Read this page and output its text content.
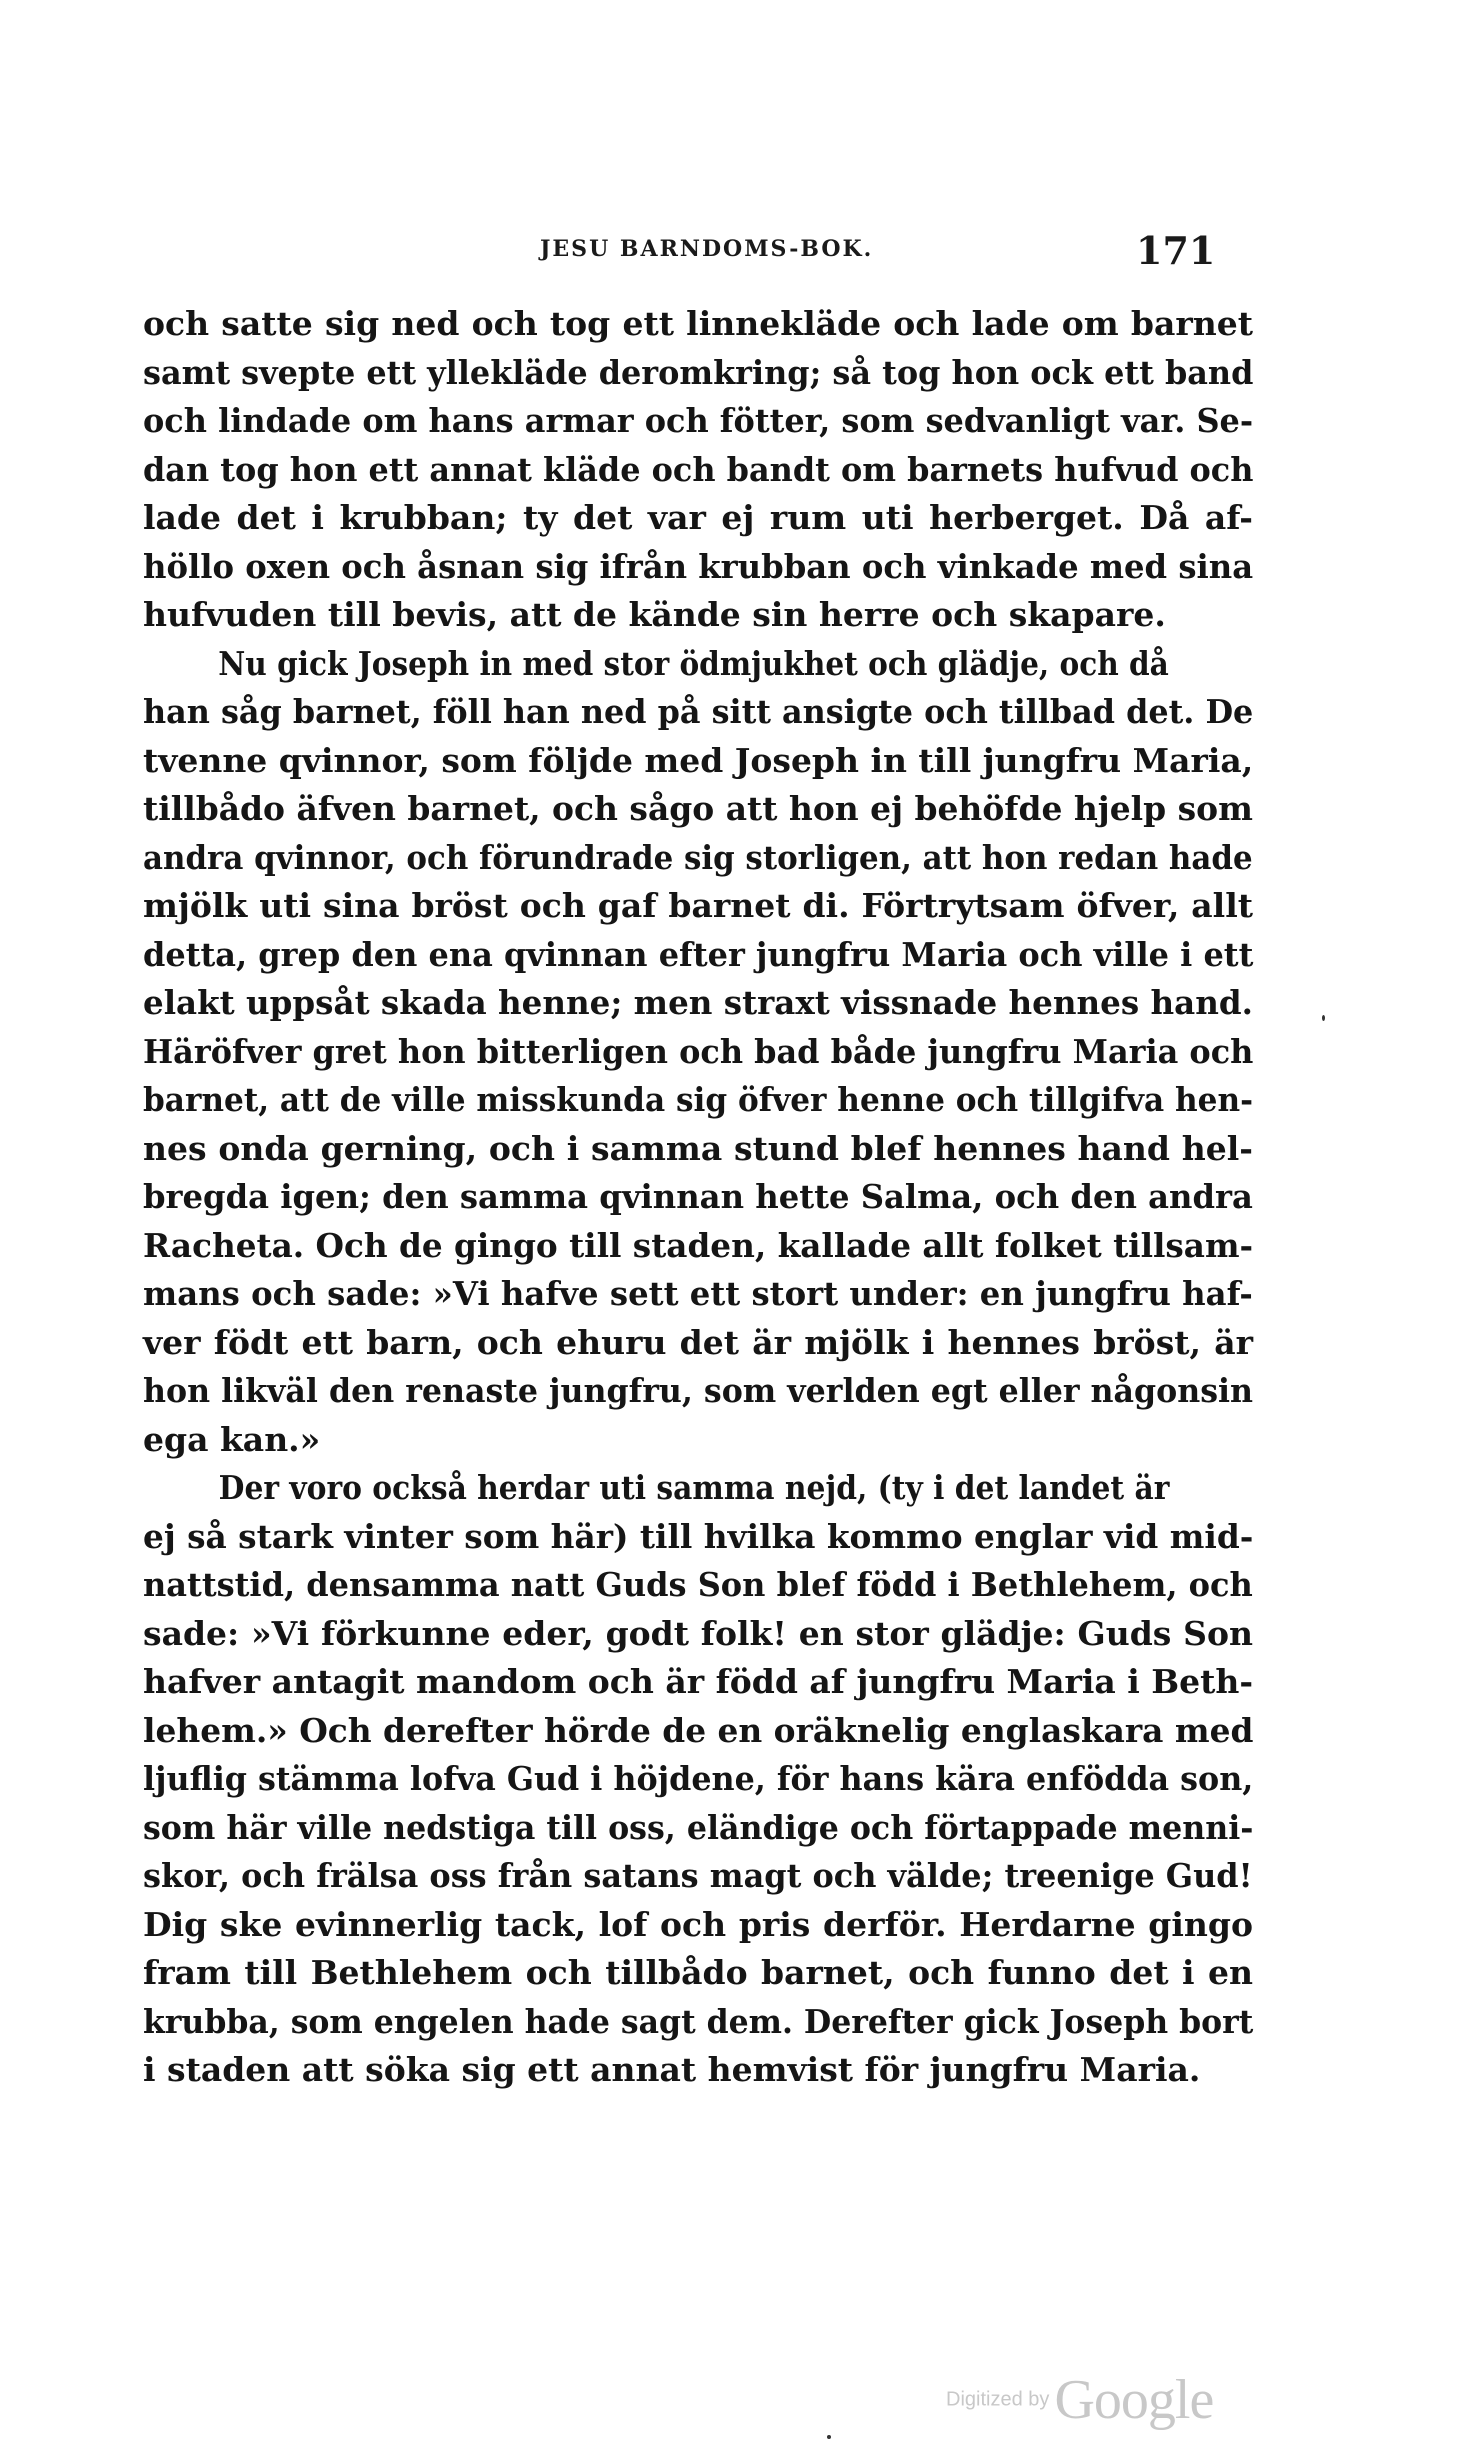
JESU BARNDOMS-BOK.	171
och satte sig ned och tog ett linnekläde och lade om barnet
samt svepte ett yllekläde deromkring; så tog hon ock ett band
och lindade om hans armar och fötter, som sedvanligt var. Se-
dan tog hon ett annat kläde och bandt om barnets hufvud och
lade det i krubban; ty det var ej rum uti herberget. Då af-
höllo oxen och åsnan sig ifrån krubban och vinkade med sina
hufvuden till bevis, att de kände sin herre och skapare.
Nu gick Joseph in med stor ödmjukhet och glädje, och då
han såg barnet, föll han ned på sitt ansigte och tillbad det. De
tvenne qvinnor, som följde med Joseph in till jungfru Maria,
tillbådo äfven barnet, och sågo att hon ej behöfde hjelp som
andra qvinnor, och förundrade sig storligen, att hon redan hade
mjölk uti sina bröst och gaf barnet di. Förtrytsam öfver, allt
detta, grep den ena qvinnan efter jungfru Maria och ville i ett
elakt uppsåt skada henne; men straxt vissnade hennes hand.
Häröfver gret hon bitterligen och bad både jungfru Maria och
barnet, att de ville misskunda sig öfver henne och tillgifva hen-
nes onda gerning, och i samma stund blef hennes hand hel-
bregda igen; den samma qvinnan hette Salma, och den andra
Racheta. Och de gingo till staden, kallade allt folket tillsam-
mans och sade: »Vi hafve sett ett stort under: en jungfru haf-
ver födt ett barn, och ehuru det är mjölk i hennes bröst, är
hon likväl den renaste jungfru, som verlden egt eller någonsin
ega kan.»
Der voro också herdar uti samma nejd, (ty i det landet är
ej så stark vinter som här) till hvilka kommo englar vid mid-
nattstid, densamma natt Guds Son blef född i Bethlehem, och
sade: »Vi förkunne eder, godt folk! en stor glädje: Guds Son
hafver antagit mandom och är född af jungfru Maria i Beth-
lehem.» Och derefter hörde de en oräknelig englaskara med
ljuflig stämma lofva Gud i höjdene, för hans kära enfödda son,
som här ville nedstiga till oss, eländige och förtappade menni-
skor, och frälsa oss från satans magt och välde; treenige Gud!
Dig ske evinnerlig tack, lof och pris derför. Herdarne gingo
fram till Bethlehem och tillbådo barnet, och funno det i en
krubba, som engelen hade sagt dem. Derefter gick Joseph bort
i staden att söka sig ett annat hemvist för jungfru Maria.
Digitized by Google
